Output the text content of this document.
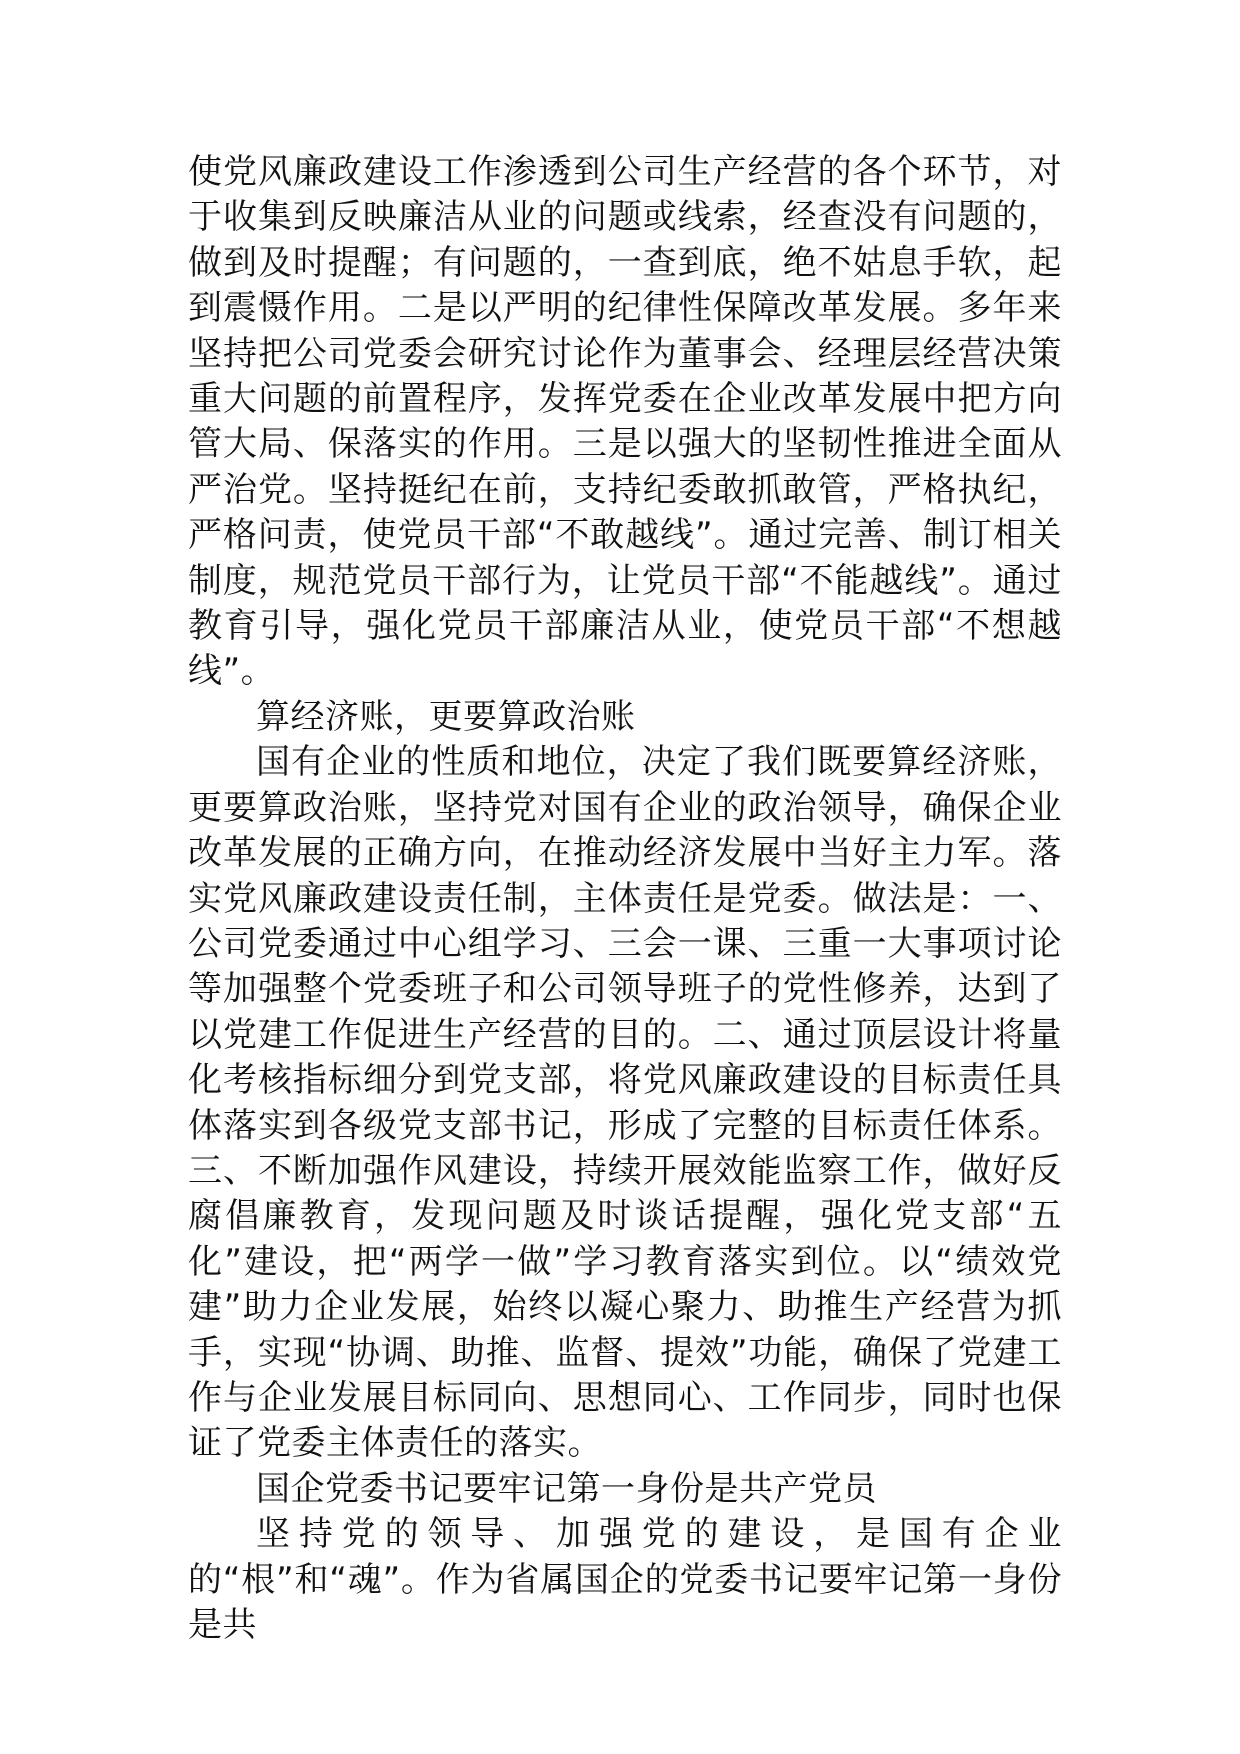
使党风廉政建设工作渗透到公司生产经营的各个环节，对于收集到反映廉洁从业的问题或线索，经查没有问题的，做到及时提醒；有问题的，一查到底，绝不姑息手软，起到震慑作用。二是以严明的纪律性保障改革发展。多年来坚持把公司党委会研究讨论作为董事会、经理层经营决策重大问题的前置程序，发挥党委在企业改革发展中把方向管大局、保落实的作用。三是以强大的坚韧性推进全面从严治党。坚持挺纪在前，支持纪委敢抓敢管，严格执纪，严格问责，使党员干部“不敢越线”。通过完善、制订相关制度，规范党员干部行为，让党员干部“不能越线”。通过教育引导，强化党员干部廉洁从业，使党员干部“不想越线”。

算经济账，更要算政治账

国有企业的性质和地位，决定了我们既要算经济账，更要算政治账，坚持党对国有企业的政治领导，确保企业改革发展的正确方向，在推动经济发展中当好主力军。落实党风廉政建设责任制，主体责任是党委。做法是：一、公司党委通过中心组学习、三会一课、三重一大事项讨论等加强整个党委班子和公司领导班子的党性修养，达到了以党建工作促进生产经营的目的。二、通过顶层设计将量化考核指标细分到党支部，将党风廉政建设的目标责任具体落实到各级党支部书记，形成了完整的目标责任体系。三、不断加强作风建设，持续开展效能监察工作，做好反腐倡廉教育，发现问题及时谈话提醒，强化党支部“五化”建设，把“两学一做”学习教育落实到位。以“绩效党建”助力企业发展，始终以凝心聚力、助推生产经营为抓手，实现“协调、助推、监督、提效”功能，确保了党建工作与企业发展目标同向、思想同心、工作同步，同时也保证了党委主体责任的落实。

国企党委书记要牢记第一身份是共产党员

坚持党的领导、加强党的建设，是国有企业的“根”和“魂”。作为省属国企的党委书记要牢记第一身份是共
